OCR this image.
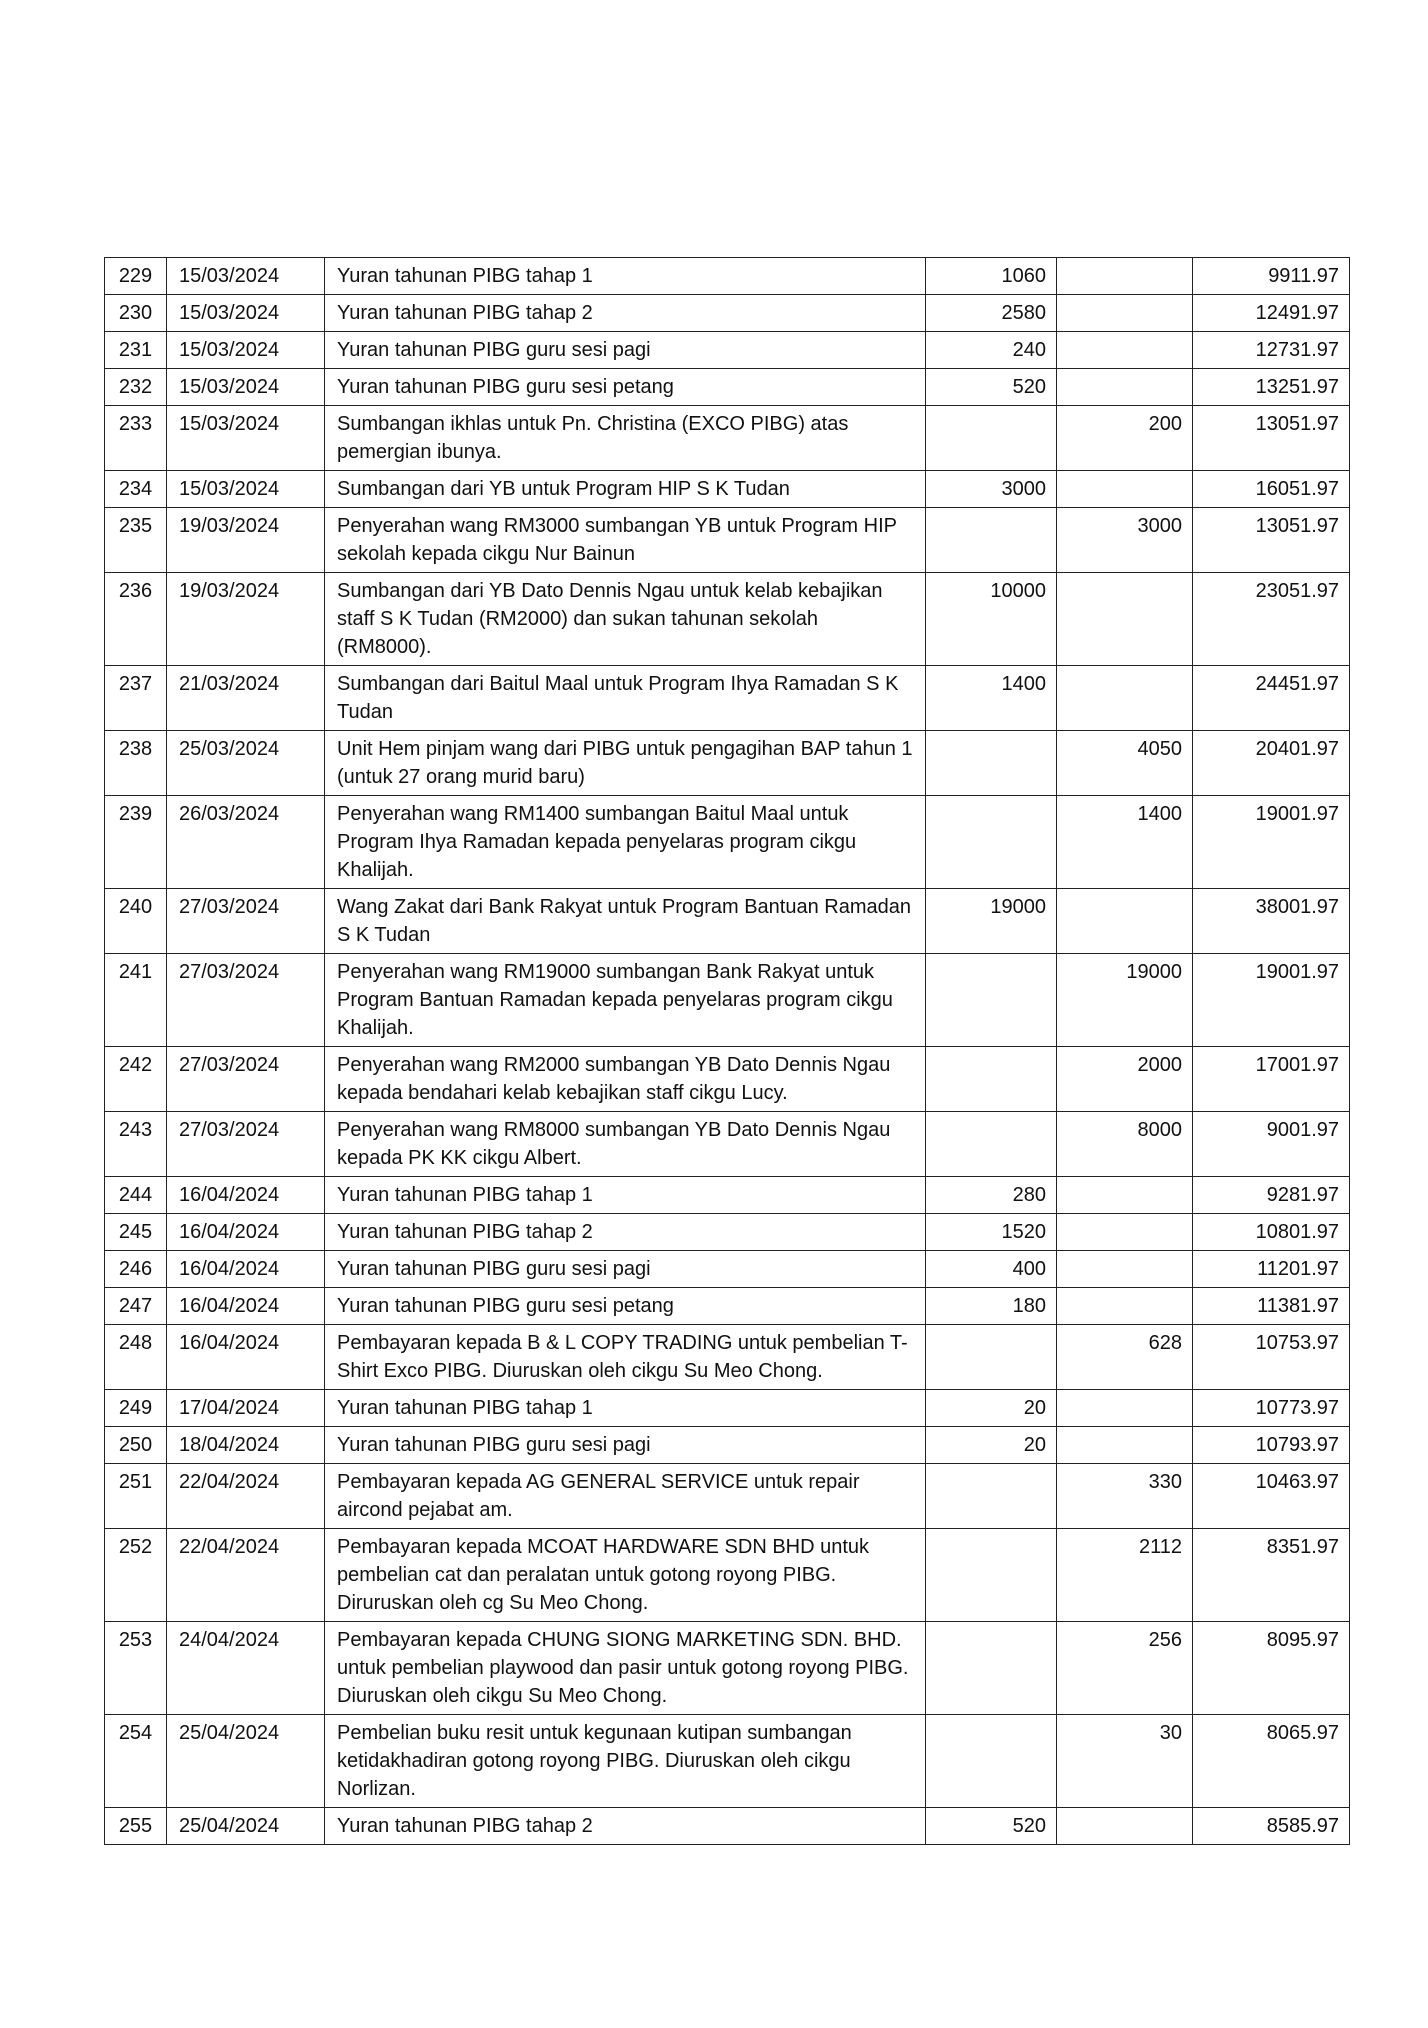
229	15/03/2024	Yuran tahunan PIBG tahap 1	1060		9911.97
230	15/03/2024	Yuran tahunan PIBG tahap 2	2580		12491.97
231	15/03/2024	Yuran tahunan PIBG guru sesi pagi	240		12731.97
232	15/03/2024	Yuran tahunan PIBG guru sesi petang	520		13251.97
233	15/03/2024	Sumbangan ikhlas untuk Pn. Christina (EXCO PIBG) atas pemergian ibunya.		200	13051.97
234	15/03/2024	Sumbangan dari YB untuk Program HIP S K Tudan	3000		16051.97
235	19/03/2024	Penyerahan wang RM3000 sumbangan YB untuk Program HIP sekolah kepada cikgu Nur Bainun		3000	13051.97
236	19/03/2024	Sumbangan dari YB Dato Dennis Ngau untuk kelab kebajikan staff S K Tudan (RM2000) dan sukan tahunan sekolah (RM8000).	10000		23051.97
237	21/03/2024	Sumbangan dari Baitul Maal untuk Program Ihya Ramadan S K Tudan	1400		24451.97
238	25/03/2024	Unit Hem pinjam wang dari PIBG untuk pengagihan BAP tahun 1 (untuk 27 orang murid baru)		4050	20401.97
239	26/03/2024	Penyerahan wang RM1400 sumbangan Baitul Maal untuk Program Ihya Ramadan kepada penyelaras program cikgu Khalijah.		1400	19001.97
240	27/03/2024	Wang Zakat dari Bank Rakyat untuk Program Bantuan Ramadan S K Tudan	19000		38001.97
241	27/03/2024	Penyerahan wang RM19000 sumbangan Bank Rakyat untuk Program Bantuan Ramadan kepada penyelaras program cikgu Khalijah.		19000	19001.97
242	27/03/2024	Penyerahan wang RM2000 sumbangan YB Dato Dennis Ngau kepada bendahari kelab kebajikan staff cikgu Lucy.		2000	17001.97
243	27/03/2024	Penyerahan wang RM8000 sumbangan YB Dato Dennis Ngau kepada PK KK cikgu Albert.		8000	9001.97
244	16/04/2024	Yuran tahunan PIBG tahap 1	280		9281.97
245	16/04/2024	Yuran tahunan PIBG tahap 2	1520		10801.97
246	16/04/2024	Yuran tahunan PIBG guru sesi pagi	400		11201.97
247	16/04/2024	Yuran tahunan PIBG guru sesi petang	180		11381.97
248	16/04/2024	Pembayaran kepada B & L COPY TRADING untuk pembelian T-Shirt Exco PIBG. Diuruskan oleh cikgu Su Meo Chong.		628	10753.97
249	17/04/2024	Yuran tahunan PIBG tahap 1	20		10773.97
250	18/04/2024	Yuran tahunan PIBG guru sesi pagi	20		10793.97
251	22/04/2024	Pembayaran kepada AG GENERAL SERVICE untuk repair aircond pejabat am.		330	10463.97
252	22/04/2024	Pembayaran kepada MCOAT HARDWARE SDN BHD untuk pembelian cat dan peralatan untuk gotong royong PIBG. Diruruskan oleh cg Su Meo Chong.		2112	8351.97
253	24/04/2024	Pembayaran kepada CHUNG SIONG MARKETING SDN. BHD. untuk pembelian playwood dan pasir untuk gotong royong PIBG. Diuruskan oleh cikgu Su Meo Chong.		256	8095.97
254	25/04/2024	Pembelian buku resit untuk kegunaan kutipan sumbangan ketidakhadiran gotong royong PIBG. Diuruskan oleh cikgu Norlizan.		30	8065.97
255	25/04/2024	Yuran tahunan PIBG tahap 2	520		8585.97
